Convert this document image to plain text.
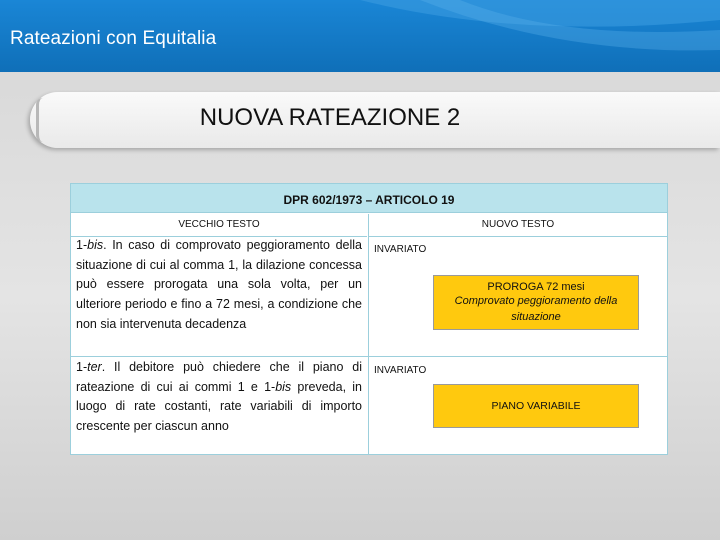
Rateazioni con Equitalia
NUOVA RATEAZIONE 2
DPR 602/1973 – ARTICOLO 19
VECCHIO TESTO	NUOVO TESTO
1-bis. In caso di comprovato peggioramento della situazione di cui al comma 1, la dilazione concessa può essere prorogata una sola volta, per un ulteriore periodo e fino a 72 mesi, a condizione che non sia intervenuta decadenza
INVARIATO
PROROGA 72 mesi
Comprovato peggioramento della situazione
1-ter. Il debitore può chiedere che il piano di rateazione di cui ai commi 1 e 1-bis preveda, in luogo di rate costanti, rate variabili di importo crescente per ciascun anno
INVARIATO
PIANO VARIABILE
